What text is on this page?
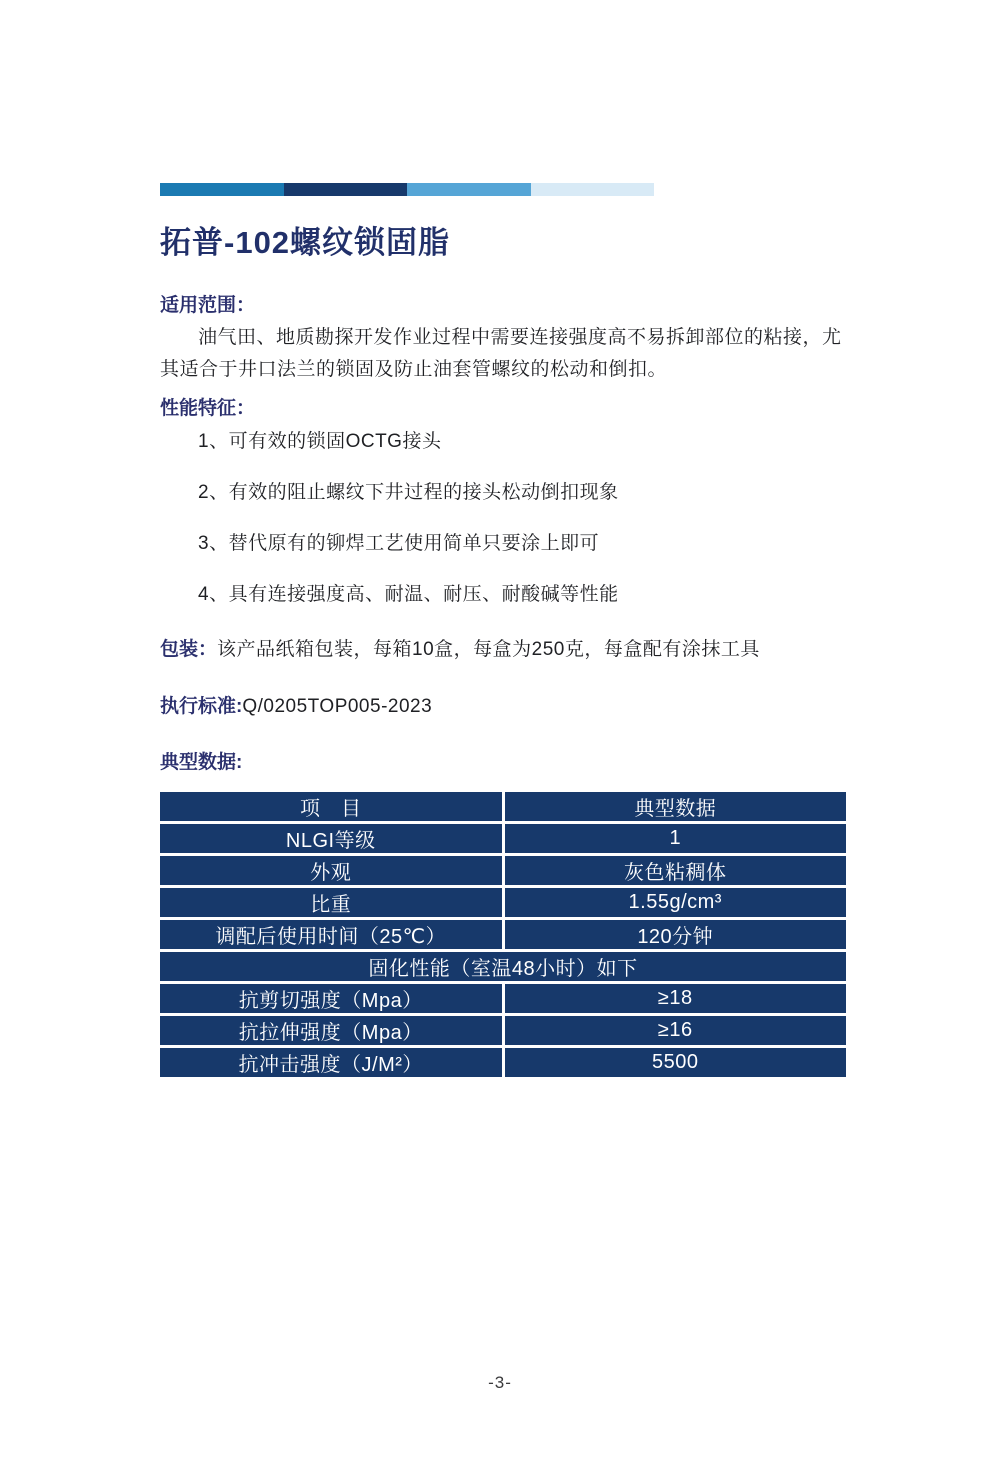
拓普-102螺纹锁固脂
适用范围：
油气田、地质勘探开发作业过程中需要连接强度高不易拆卸部位的粘接，尤其适合于井口法兰的锁固及防止油套管螺纹的松动和倒扣。
性能特征：
1、可有效的锁固OCTG接头
2、有效的阻止螺纹下井过程的接头松动倒扣现象
3、替代原有的铆焊工艺使用简单只要涂上即可
4、具有连接强度高、耐温、耐压、耐酸碱等性能
包装：该产品纸箱包装，每箱10盒，每盒为250克，每盒配有涂抹工具
执行标准:Q/0205TOP005-2023
典型数据:
项　目	典型数据
NLGI等级	1
外观	灰色粘稠体
比重	1.55g/cm³
调配后使用时间（25℃）	120分钟
固化性能（室温48小时）如下	
抗剪切强度（Mpa）	≥18
抗拉伸强度（Mpa）	≥16
抗冲击强度（J/M²）	5500
-3-
